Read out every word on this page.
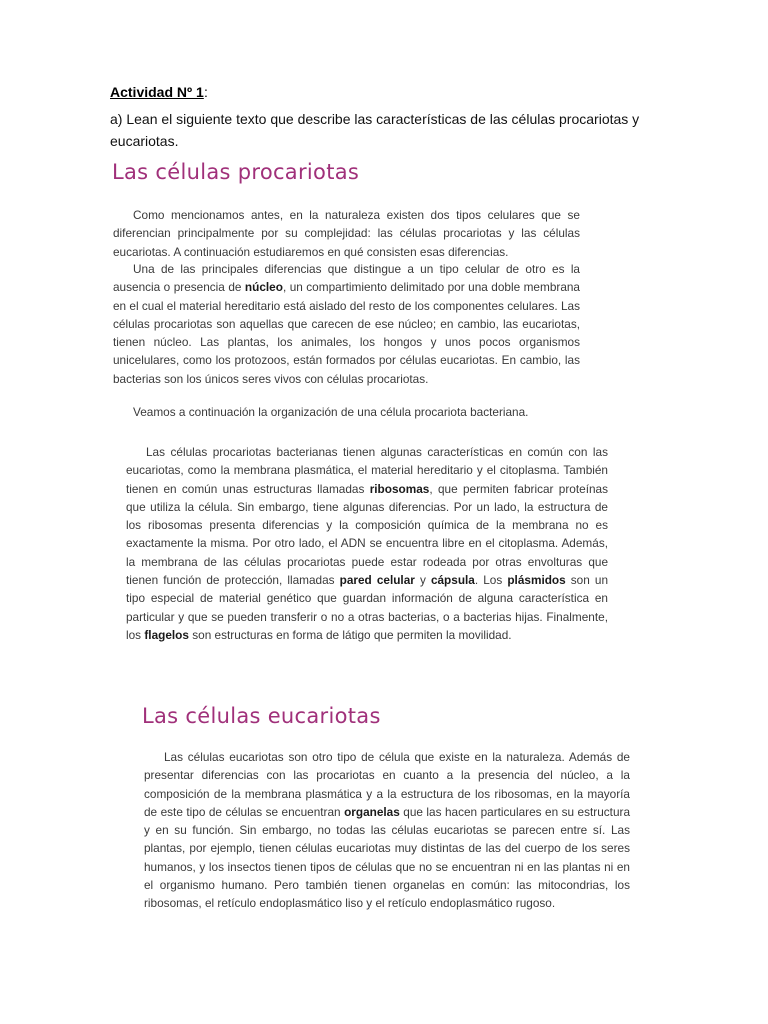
Actividad Nº 1 :
a) Lean el siguiente texto que describe las características de las células procariotas y eucariotas.
Las células procariotas

Como mencionamos antes, en la naturaleza existen dos tipos celulares que se diferencian principalmente por su complejidad: las células procariotas y las células eucariotas. A continuación estudiaremos en qué consisten esas diferencias.

Una de las principales diferencias que distingue a un tipo celular de otro es la ausencia o presencia de núcleo, un compartimiento delimitado por una doble membrana en el cual el material hereditario está aislado del resto de los componentes celulares. Las células procariotas son aquellas que carecen de ese núcleo; en cambio, las eucariotas, tienen núcleo. Las plantas, los animales, los hongos y unos pocos organismos unicelulares, como los protozoos, están formados por células eucariotas. En cambio, las bacterias son los únicos seres vivos con células procariotas.

Veamos a continuación la organización de una célula procariota bacteriana.

Las células procariotas bacterianas tienen algunas características en común con las eucariotas, como la membrana plasmática, el material hereditario y el citoplasma. También tienen en común unas estructuras llamadas ribosomas, que permiten fabricar proteínas que utiliza la célula. Sin embargo, tiene algunas diferencias. Por un lado, la estructura de los ribosomas presenta diferencias y la composición química de la membrana no es exactamente la misma. Por otro lado, el ADN se encuentra libre en el citoplasma. Además, la membrana de las células procariotas puede estar rodeada por otras envolturas que tienen función de protección, llamadas pared celular y cápsula. Los plásmidos son un tipo especial de material genético que guardan información de alguna característica en particular y que se pueden transferir o no a otras bacterias, o a bacterias hijas. Finalmente, los flagelos son estructuras en forma de látigo que permiten la movilidad.

Las células eucariotas

Las células eucariotas son otro tipo de célula que existe en la naturaleza. Además de presentar diferencias con las procariotas en cuanto a la presencia del núcleo, a la composición de la membrana plasmática y a la estructura de los ribosomas, en la mayoría de este tipo de células se encuentran organelas que las hacen particulares en su estructura y en su función. Sin embargo, no todas las células eucariotas se parecen entre sí. Las plantas, por ejemplo, tienen células eucariotas muy distintas de las del cuerpo de los seres humanos, y los insectos tienen tipos de células que no se encuentran ni en las plantas ni en el organismo humano. Pero también tienen organelas en común: las mitocondrias, los ribosomas, el retículo endoplasmático liso y el retículo endoplasmático rugoso.
